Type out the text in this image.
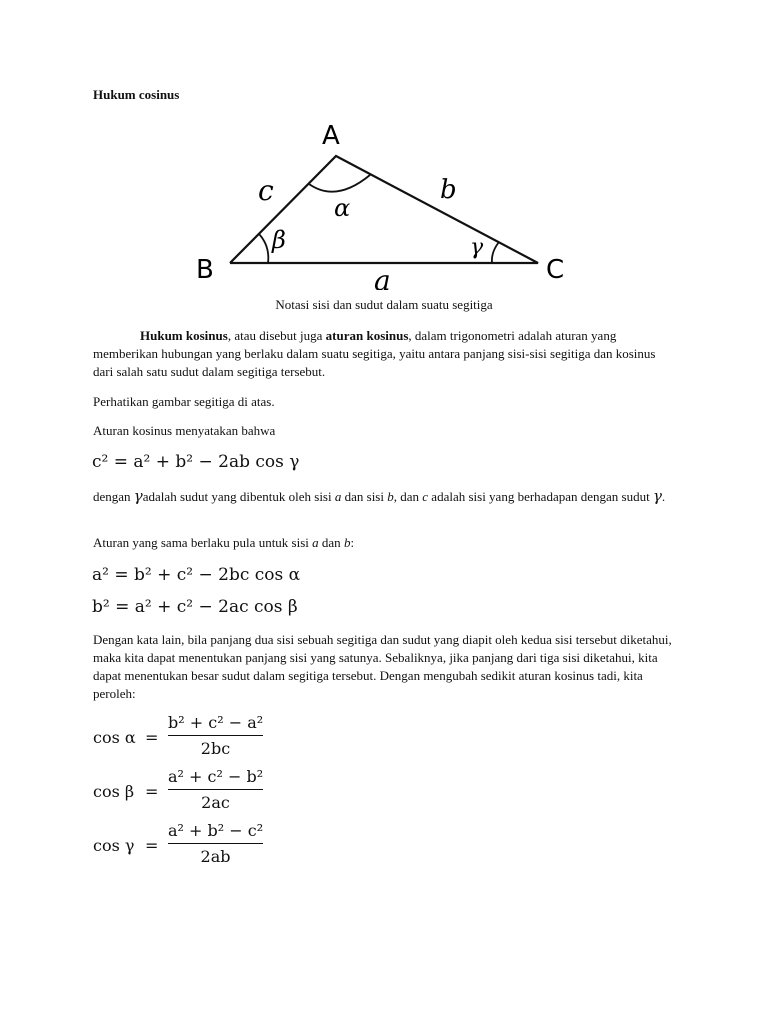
Hukum cosinus
A
B	C
c	b
a
α
β	γ
Notasi sisi dan sudut dalam suatu segitiga
Hukum kosinus, atau disebut juga aturan kosinus, dalam trigonometri adalah aturan yang memberikan hubungan yang berlaku dalam suatu segitiga, yaitu antara panjang sisi-sisi segitiga dan kosinus dari salah satu sudut dalam segitiga tersebut.
Perhatikan gambar segitiga di atas.
Aturan kosinus menyatakan bahwa
c² = a² + b² − 2ab cos γ
dengan γadalah sudut yang dibentuk oleh sisi a dan sisi b, dan c adalah sisi yang berhadapan dengan sudut γ.
Aturan yang sama berlaku pula untuk sisi a dan b:
a² = b² + c² − 2bc cos α
b² = a² + c² − 2ac cos β
Dengan kata lain, bila panjang dua sisi sebuah segitiga dan sudut yang diapit oleh kedua sisi tersebut diketahui, maka kita dapat menentukan panjang sisi yang satunya. Sebaliknya, jika panjang dari tiga sisi diketahui, kita dapat menentukan besar sudut dalam segitiga tersebut. Dengan mengubah sedikit aturan kosinus tadi, kita peroleh:
$\cos \alpha = \frac{\text{b² + c² − a²}}{2bc}$
$\cos \beta = \frac{\text{a² + c² − b²}}{2ac}$
$\cos \gamma = \frac{\text{a² + b² − c²}}{2ab}$
